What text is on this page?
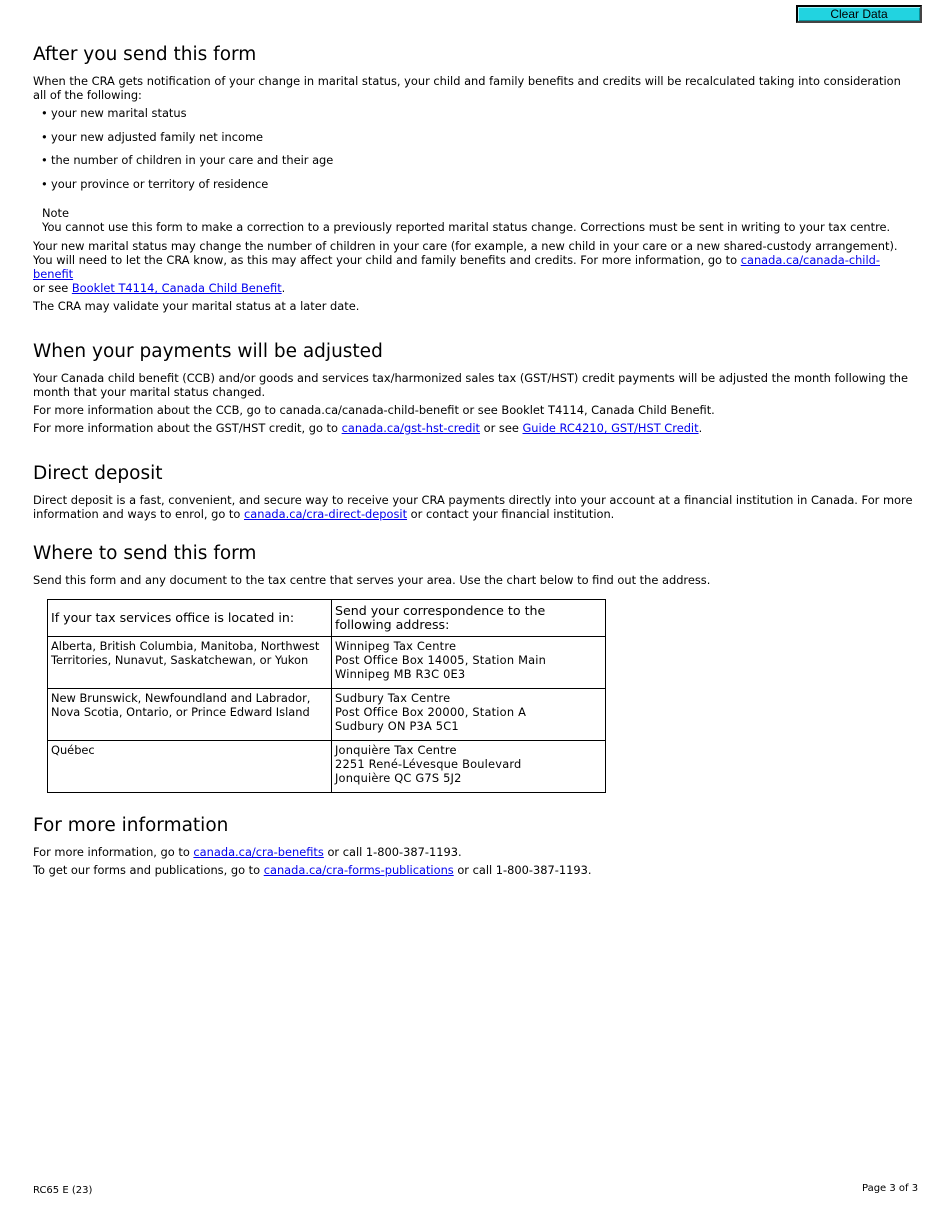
Clear Data
After you send this form

When the CRA gets notification of your change in marital status, your child and family benefits and credits will be recalculated taking into consideration all of the following:

• your new marital status
• your new adjusted family net income
• the number of children in your care and their age
• your province or territory of residence
Note
You cannot use this form to make a correction to a previously reported marital status change. Corrections must be sent in writing to your tax centre.

Your new marital status may change the number of children in your care (for example, a new child in your care or a new shared-custody arrangement).
You will need to let the CRA know, as this may affect your child and family benefits and credits. For more information, go to canada.ca/canada-child-benefit
or see Booklet T4114, Canada Child Benefit.

The CRA may validate your marital status at a later date.

When your payments will be adjusted

Your Canada child benefit (CCB) and/or goods and services tax/harmonized sales tax (GST/HST) credit payments will be adjusted the month following the month that your marital status changed.

For more information about the CCB, go to canada.ca/canada-child-benefit or see Booklet T4114, Canada Child Benefit.

For more information about the GST/HST credit, go to canada.ca/gst-hst-credit or see Guide RC4210, GST/HST Credit.

Direct deposit

Direct deposit is a fast, convenient, and secure way to receive your CRA payments directly into your account at a financial institution in Canada. For more information and ways to enrol, go to canada.ca/cra-direct-deposit or contact your financial institution.

Where to send this form

Send this form and any document to the tax centre that serves your area. Use the chart below to find out the address.

If your tax services office is located in:	Send your correspondence to the following address:
Alberta, British Columbia, Manitoba, Northwest Territories, Nunavut, Saskatchewan, or Yukon	Winnipeg Tax Centre
Post Office Box 14005, Station Main
Winnipeg MB R3C 0E3
New Brunswick, Newfoundland and Labrador, Nova Scotia, Ontario, or Prince Edward Island	Sudbury Tax Centre
Post Office Box 20000, Station A
Sudbury ON P3A 5C1
Québec	Jonquière Tax Centre
2251 René-Lévesque Boulevard
Jonquière QC G7S 5J2
For more information

For more information, go to canada.ca/cra-benefits or call 1-800-387-1193.

To get our forms and publications, go to canada.ca/cra-forms-publications or call 1-800-387-1193.

RC65 E (23)	Page 3 of 3
